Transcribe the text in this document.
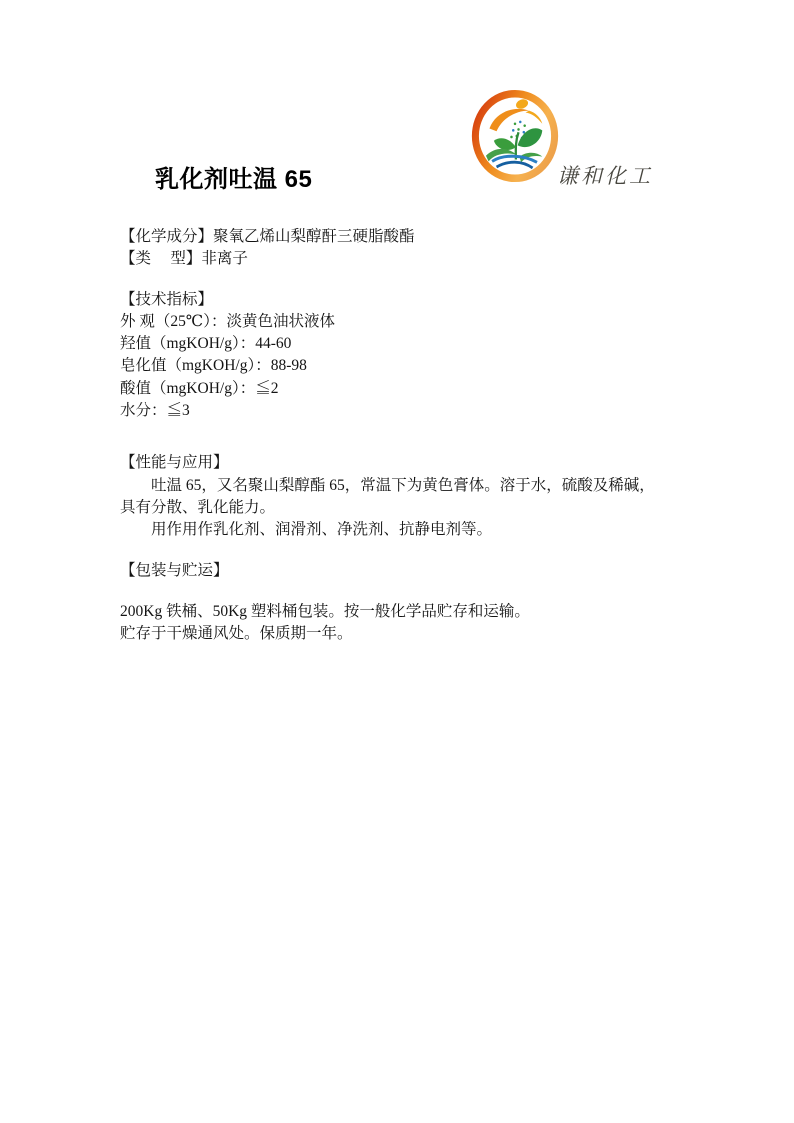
乳化剂吐温 65	谦和化工
【化学成分】聚氧乙烯山梨醇酐三硬脂酸酯
【类　 型】非离子
【技术指标】
外 观（25℃）：淡黄色油状液体
羟值（mgKOH/g）：44-60
皂化值（mgKOH/g）：88-98
酸值（mgKOH/g）：≦2
水分：≦3
【性能与应用】
吐温 65，又名聚山梨醇酯 65，常温下为黄色膏体。溶于水，硫酸及稀碱，
具有分散、乳化能力。
用作用作乳化剂、润滑剂、净洗剂、抗静电剂等。
【包装与贮运】
200Kg 铁桶、50Kg 塑料桶包装。按一般化学品贮存和运输。
贮存于干燥通风处。保质期一年。
